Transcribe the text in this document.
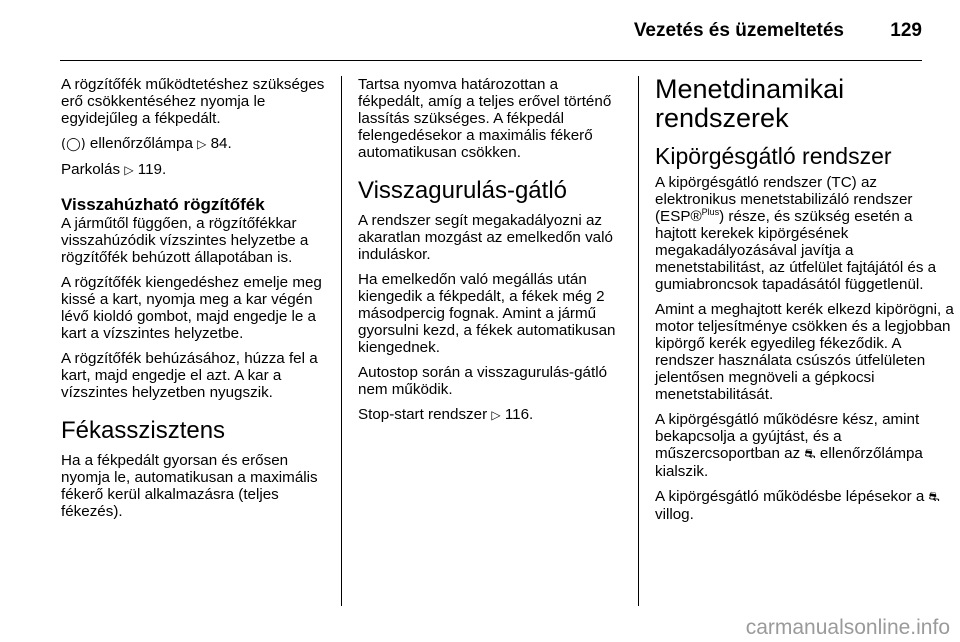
Vezetés és üzemeltetés 129

A rögzítőfék működtetéshez szükséges erő csökkentéséhez nyomja le egyidejűleg a fékpedált.

(◯) ellenőrzőlámpa ▷ 84.

Parkolás ▷ 119.

Visszahúzható rögzítőfék

A járműtől függően, a rögzítőfékkar visszahúzódik vízszintes helyzetbe a rögzítőfék behúzott állapotában is.

A rögzítőfék kiengedéshez emelje meg kissé a kart, nyomja meg a kar végén lévő kioldó gombot, majd engedje le a kart a vízszintes helyzetbe.

A rögzítőfék behúzásához, húzza fel a kart, majd engedje el azt. A kar a vízszintes helyzetben nyugszik.

Fékasszisztens

Ha a fékpedált gyorsan és erősen nyomja le, automatikusan a maximális fékerő kerül alkalmazásra (teljes fékezés).

Tartsa nyomva határozottan a fékpedált, amíg a teljes erővel történő lassítás szükséges. A fékpedál felengedésekor a maximális fékerő automatikusan csökken.

Visszagurulás-gátló

A rendszer segít megakadályozni az akaratlan mozgást az emelkedőn való induláskor.

Ha emelkedőn való megállás után kiengedik a fékpedált, a fékek még 2 másodpercig fognak. Amint a jármű gyorsulni kezd, a fékek automatikusan kiengednek.

Autostop során a visszagurulás-gátló nem működik.

Stop-start rendszer ▷ 116.

Menetdinamikai rendszerek
Kipörgésgátló rendszer

A kipörgésgátló rendszer (TC) az elektronikus menetstabilizáló rendszer (ESP®$^{Plus}$) része, és szükség esetén a hajtott kerekek kipörgésének megakadályozásával javítja a menetstabilitást, az útfelület fajtájától és a gumiabroncsok tapadásától függetlenül.

Amint a meghajtott kerék elkezd kipörögni, a motor teljesítménye csökken és a legjobban kipörgő kerék egyedileg fékeződik. A rendszer használata csúszós útfelületen jelentősen megnöveli a gépkocsi menetstabilitását.

A kipörgésgátló működésre kész, amint bekapcsolja a gyújtást, és a műszercsoportban az ⛐ ellenőrzőlámpa kialszik.

A kipörgésgátló működésbe lépésekor a ⛐ villog.

carmanualsonline.info
